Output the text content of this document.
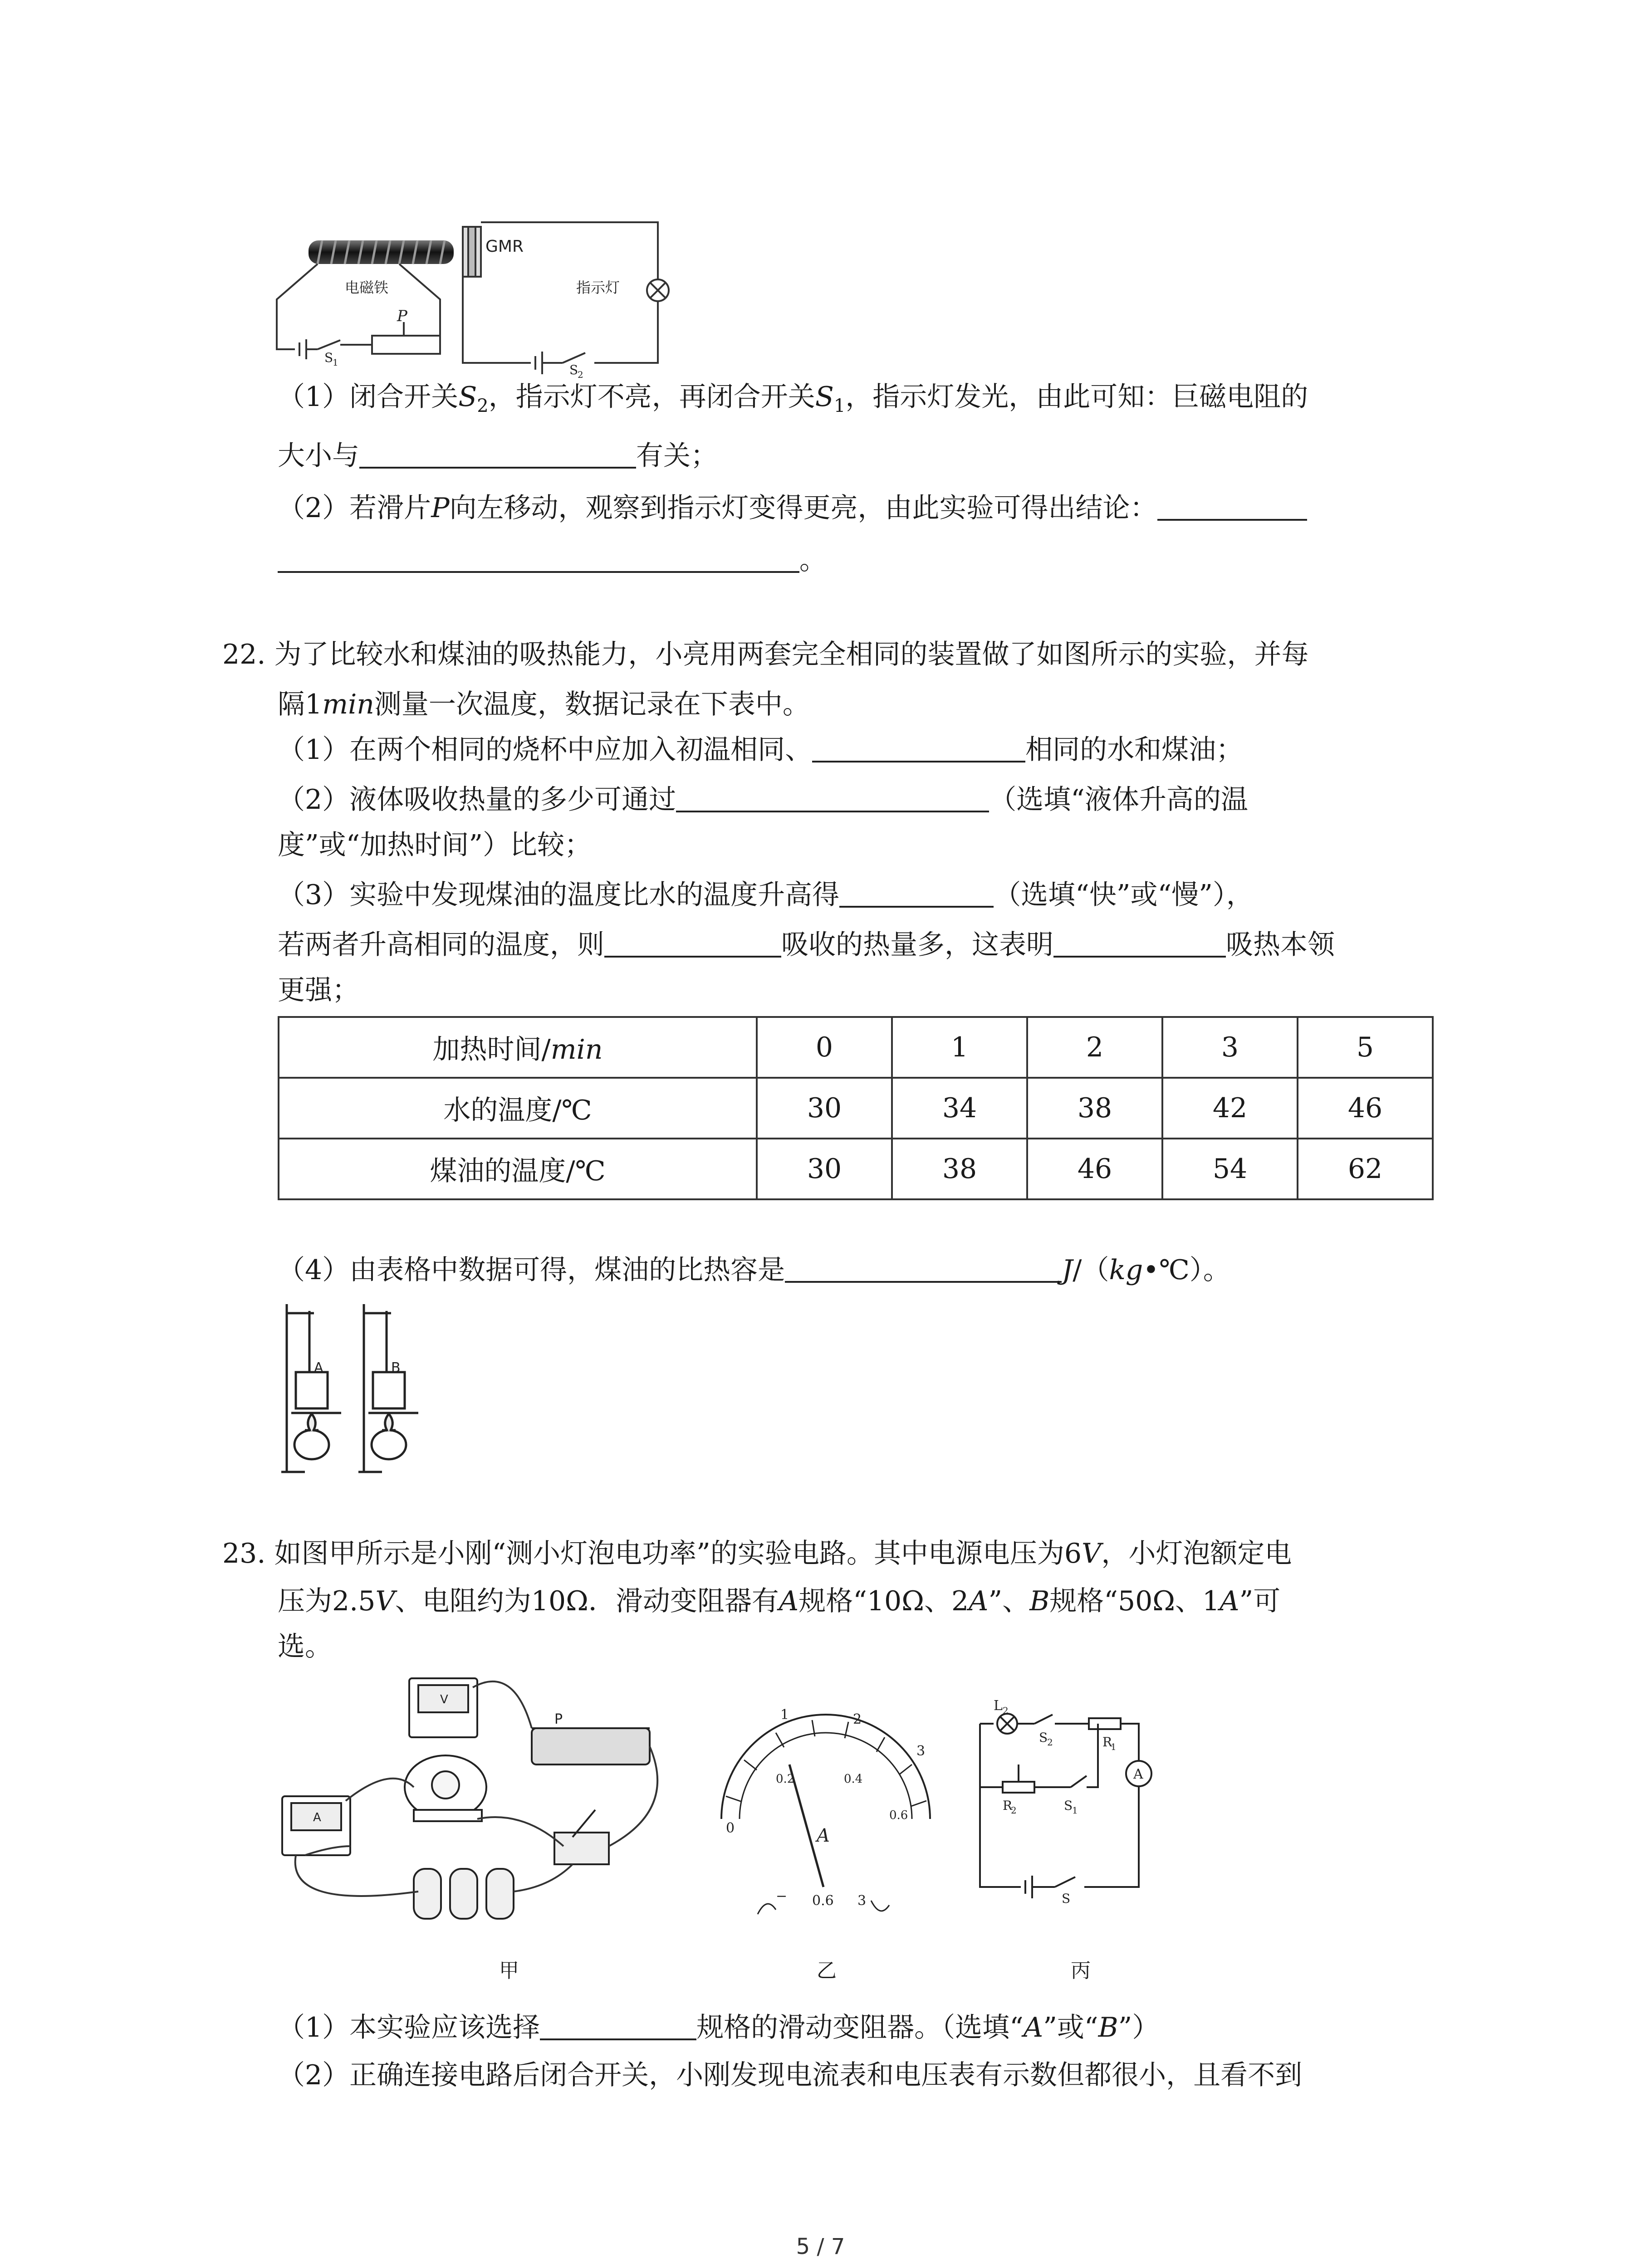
GMR
电磁铁	指示灯
P
S
1	S
2
（1）闭合开关$S_2$，指示灯不亮，再闭合开关$S_1$，指示灯发光，由此可知：巨磁电阻的
大小与	有关；
（2）若滑片P向左移动，观察到指示灯变得更亮，由此实验可得出结论：
。
22. 为了比较水和煤油的吸热能力，小亮用两套完全相同的装置做了如图所示的实验，并每
隔1min测量一次温度，数据记录在下表中。
（1）在两个相同的烧杯中应加入初温相同、	相同的水和煤油；
（2）液体吸收热量的多少可通过	（选填“液体升高的温
度”或“加热时间”）比较；
（3）实验中发现煤油的温度比水的温度升高得	（选填“快”或“慢”），
若两者升高相同的温度，则	吸收的热量多，这表明	吸热本领
更强；
加热时间/min	0	1	2	3	5
水的温度/℃	30	34	38	42	46
煤油的温度/℃	30	38	46	54	62
（4）由表格中数据可得，煤油的比热容是	J/（kg•℃）。
A	B
23. 如图甲所示是小刚“测小灯泡电功率”的实验电路。其中电源电压为6V，小灯泡额定电
压为2.5V、电阻约为10Ω．滑动变阻器有A规格“10Ω、2A”、B规格“50Ω、1A”可
选。
P
V
A
0
1	2
3
0.2	0.4
0.6
A
− 0.6 3
L 2
S
2	R
1
R
2	S
1
S
A
甲	乙	丙
（1）本实验应该选择	规格的滑动变阻器。（选填“A”或“B”）
（2）正确连接电路后闭合开关，小刚发现电流表和电压表有示数但都很小，且看不到
5 / 7
